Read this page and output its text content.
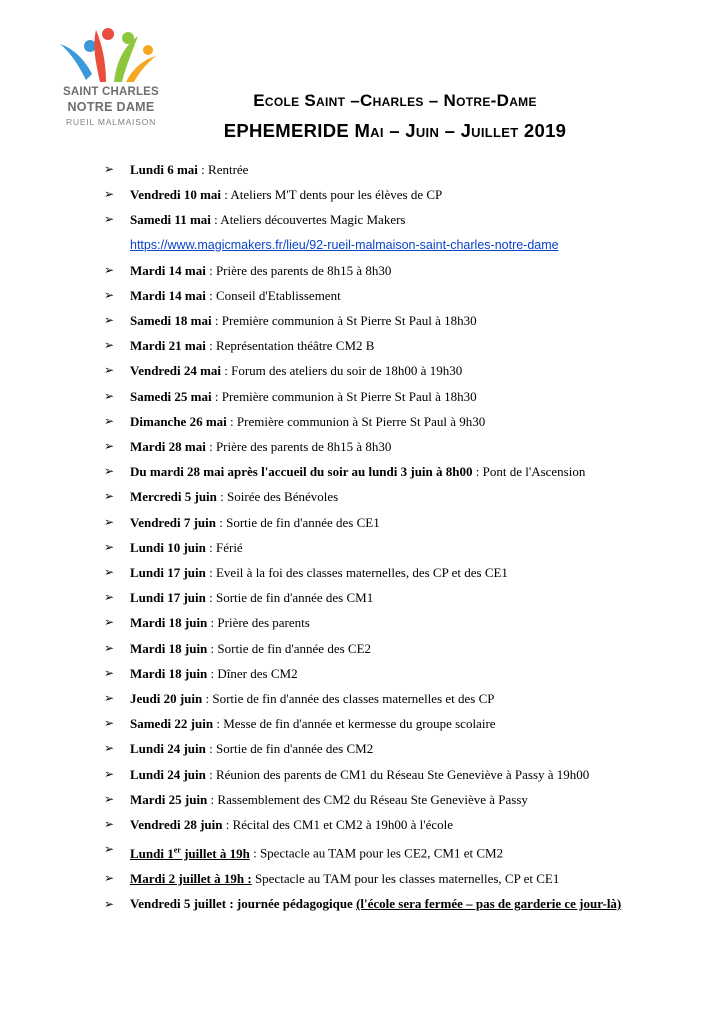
SAINT CHARLES
NOTRE DAME
RUEIL MALMAISON
Ecole Saint –Charles – Notre-Dame
EPHEMERIDE Mai – Juin – Juillet 2019
➢ Lundi 6 mai : Rentrée
➢ Vendredi 10 mai : Ateliers M'T dents pour les élèves de CP
➢ Samedi 11 mai : Ateliers découvertes Magic Makers
https://www.magicmakers.fr/lieu/92-rueil-malmaison-saint-charles-notre-dame
➢ Mardi 14 mai : Prière des parents de 8h15 à 8h30
➢ Mardi 14 mai : Conseil d'Etablissement
➢ Samedi 18 mai : Première communion à St Pierre St Paul à 18h30
➢ Mardi 21 mai : Représentation théâtre CM2 B
➢ Vendredi 24 mai : Forum des ateliers du soir de 18h00 à 19h30
➢ Samedi 25 mai : Première communion à St Pierre St Paul à 18h30
➢ Dimanche 26 mai : Première communion à St Pierre St Paul à 9h30
➢ Mardi 28 mai : Prière des parents de 8h15 à 8h30
➢ Du mardi 28 mai après l'accueil du soir au lundi 3 juin à 8h00 : Pont de l'Ascension
➢ Mercredi 5 juin : Soirée des Bénévoles
➢ Vendredi 7 juin : Sortie de fin d'année des CE1
➢ Lundi 10 juin : Férié
➢ Lundi 17 juin : Eveil à la foi des classes maternelles, des CP et des CE1
➢ Lundi 17 juin : Sortie de fin d'année des CM1
➢ Mardi 18 juin : Prière des parents
➢ Mardi 18 juin : Sortie de fin d'année des CE2
➢ Mardi 18 juin : Dîner des CM2
➢ Jeudi 20 juin : Sortie de fin d'année des classes maternelles et des CP
➢ Samedi 22 juin : Messe de fin d'année et kermesse du groupe scolaire
➢ Lundi 24 juin : Sortie de fin d'année des CM2
➢ Lundi 24 juin : Réunion des parents de CM1 du Réseau Ste Geneviève à Passy à 19h00
➢ Mardi 25 juin : Rassemblement des CM2 du Réseau Ste Geneviève à Passy
➢ Vendredi 28 juin : Récital des CM1 et CM2 à 19h00 à l'école
➢ Lundi 1er juillet à 19h : Spectacle au TAM pour les CE2, CM1 et CM2
➢ Mardi 2 juillet à 19h : Spectacle au TAM pour les classes maternelles, CP et CE1
➢ Vendredi 5 juillet : journée pédagogique (l'école sera fermée – pas de garderie ce jour-là)
